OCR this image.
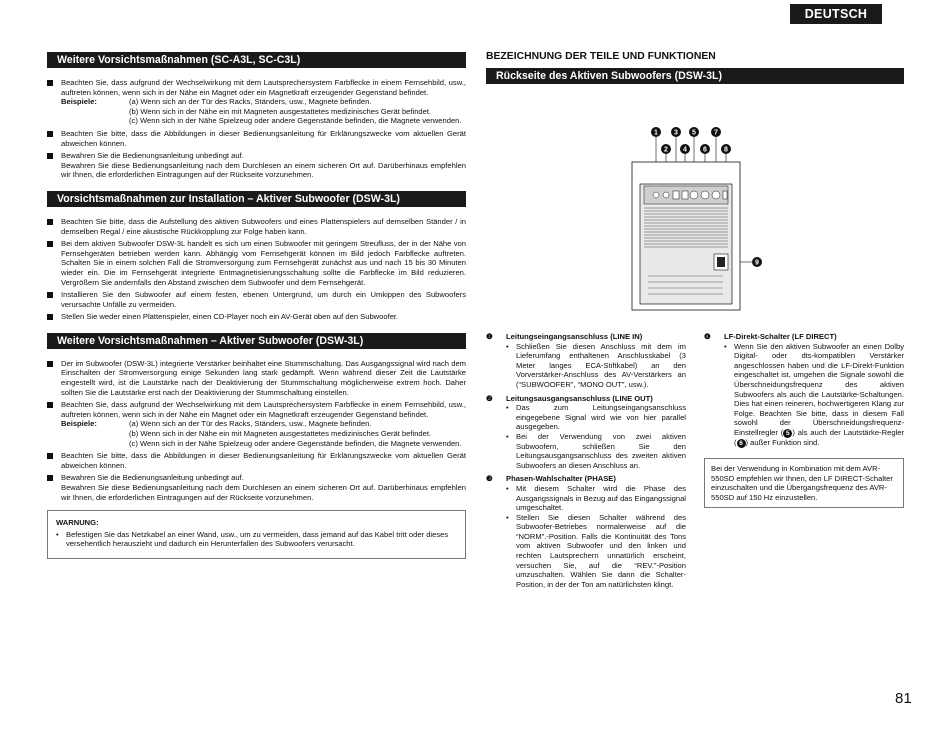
DEUTSCH
Weitere Vorsichtsmaßnahmen (SC-A3L, SC-C3L)
Beachten Sie, dass aufgrund der Wechselwirkung mit dem Lautsprechersystem Farbflecke in einem Fernsehbild, usw., auftreten können, wenn sich in der Nähe ein Magnet oder ein Magnetkraft erzeugender Gegenstand befindet.
Beispiele:	(a) Wenn sich an der Tür des Racks, Ständers, usw., Magnete befinden.
(b) Wenn sich in der Nähe ein mit Magneten ausgestattetes medizinisches Gerät befindet.
(c) Wenn sich in der Nähe Spielzeug oder andere Gegenstände befinden, die Magnete verwenden.
Beachten Sie bitte, dass die Abbildungen in dieser Bedienungsanleitung für Erklärungszwecke vom aktuellen Gerät abweichen können.
Bewahren Sie die Bedienungsanleitung unbedingt auf.
Bewahren Sie diese Bedienungsanleitung nach dem Durchlesen an einem sicheren Ort auf. Darüberhinaus empfehlen wir Ihnen, die erforderlichen Eintragungen auf der Rückseite vorzunehmen.
Vorsichtsmaßnahmen zur Installation – Aktiver Subwoofer (DSW-3L)
Beachten Sie bitte, dass die Aufstellung des aktiven Subwoofers und eines Plattenspielers auf demselben Ständer / in demselben Regal / eine akustische Rückkopplung zur Folge haben kann.
Bei dem aktiven Subwoofer DSW-3L handelt es sich um einen Subwoofer mit geringem Streufluss, der in der Nähe von Fernsehgeräten betrieben werden kann. Abhängig vom Fernsehgerät können im Bild jedoch Farbflecke auftreten. Schalten Sie in einem solchen Fall die Stromversorgung zum Fernsehgerät zunächst aus und nach 15 bis 30 Minuten wieder ein. Die im Fernsehgerät integrierte Entmagnetisierungsschaltung sollte die Farbflecke im Bild reduzieren. Vergrößern Sie andernfalls den Abstand zwischen dem Subwoofer und dem Fernsehgerät.
Installieren Sie den Subwoofer auf einem festen, ebenen Untergrund, um durch ein Umkippen des Subwoofers verursachte Unfälle zu vermeiden.
Stellen Sie weder einen Plattenspieler, einen CD-Player noch ein AV-Gerät oben auf den Subwoofer.
Weitere Vorsichtsmaßnahmen – Aktiver Subwoofer (DSW-3L)
Der im Subwoofer (DSW-3L) integrierte Verstärker beinhaltet eine Stummschaltung. Das Ausgangssignal wird nach dem Einschalten der Stromversorgung einige Sekunden lang stark gedämpft. Wenn während dieser Zeit die Lautstärke eingestellt wird, ist die Lautstärke nach der Deaktivierung der Stummschaltung möglicherweise extrem hoch. Daher sollten Sie die Lautstärke erst nach der Deaktivierung der Stummschaltung einstellen.
Beachten Sie, dass aufgrund der Wechselwirkung mit dem Lautsprechersystem Farbflecke in einem Fernsehbild, usw., auftreten können, wenn sich in der Nähe ein Magnet oder ein Magnetkraft erzeugender Gegenstand befindet.
Beispiele:	(a) Wenn sich an der Tür des Racks, Ständers, usw., Magnete befinden.
(b) Wenn sich in der Nähe ein mit Magneten ausgestattetes medizinisches Gerät befindet.
(c) Wenn sich in der Nähe Spielzeug oder andere Gegenstände befinden, die Magnete verwenden.
Beachten Sie bitte, dass die Abbildungen in dieser Bedienungsanleitung für Erklärungszwecke vom aktuellen Gerät abweichen können.
Bewahren Sie die Bedienungsanleitung unbedingt auf.
Bewahren Sie diese Bedienungsanleitung nach dem Durchlesen an einem sicheren Ort auf. Darüberhinaus empfehlen wir Ihnen, die erforderlichen Eintragungen auf der Rückseite vorzunehmen.
WARNUNG:
• Befestigen Sie das Netzkabel an einer Wand, usw., um zu vermeiden, dass jemand auf das Kabel tritt oder dieses versehentlich herauszieht und dadurch ein Herunterfallen des Subwoofers verursacht.
BEZEICHNUNG DER TEILE UND FUNKTIONEN
Rückseite des Aktiven Subwoofers (DSW-3L)
1 3 5	7
2 4 6 8
9
❶	Leitungseingangsanschluss (LINE IN)
• Schließen Sie diesen Anschluss mit dem im Lieferumfang enthaltenen Anschlusskabel (3 Meter langes ECA-Stiftkabel) an den Vorverstärker-Anschluss des AV-Verstärkers an (“SUBWOOFER”, “MONO OUT”, usw.).
❷	Leitungsausgangsanschluss (LINE OUT)
• Das zum Leitungseingangsanschluss eingegebene Signal wird wie von hier parallel ausgegeben.
• Bei der Verwendung von zwei aktiven Subwoofern, schließen Sie den Leitungsausgangsanschluss des zweiten aktiven Subwoofers an diesen Anschluss an.
❸	Phasen-Wahlschalter (PHASE)
• Mit diesem Schalter wird die Phase des Ausgangssignals in Bezug auf das Eingangssignal umgeschaltet.
• Stellen Sie diesen Schalter während des Subwoofer-Betriebes normalerweise auf die “NORM”.-Position. Falls die Kontinuität des Tons vom aktiven Subwoofer und den linken und rechten Lautsprechern unnatürlich erscheint, versuchen Sie, auf die “REV.”-Position umzuschalten. Wählen Sie dann die Schalter-Position, in der der Ton am natürlichsten klingt.
❹	LF-Direkt-Schalter (LF DIRECT)
• Wenn Sie den aktiven Subwoofer an einen Dolby Digital- oder dts-kompatiblen Verstärker angeschlossen haben und die LF-Direkt-Funktion eingeschaltet ist, umgehen die Signale sowohl die Überschneidungsfrequenz des aktiven Subwoofers als auch die Lautstärke-Schaltungen. Dies hat einen reineren, hochwertigeren Klang zur Folge. Beachten Sie bitte, dass in diesem Fall sowohl der Überschneidungsfrequenz-Einstellregler ( 5 ) als auch der Lautstärke-Regler ( 6 ) außer Funktion sind.
Bei der Verwendung in Kombination mit dem AVR-550SD empfehlen wir Ihnen, den LF DIRECT-Schalter einzuschalten und die Übergangsfrequenz des AVR-550SD auf 150 Hz einzustellen.
81
